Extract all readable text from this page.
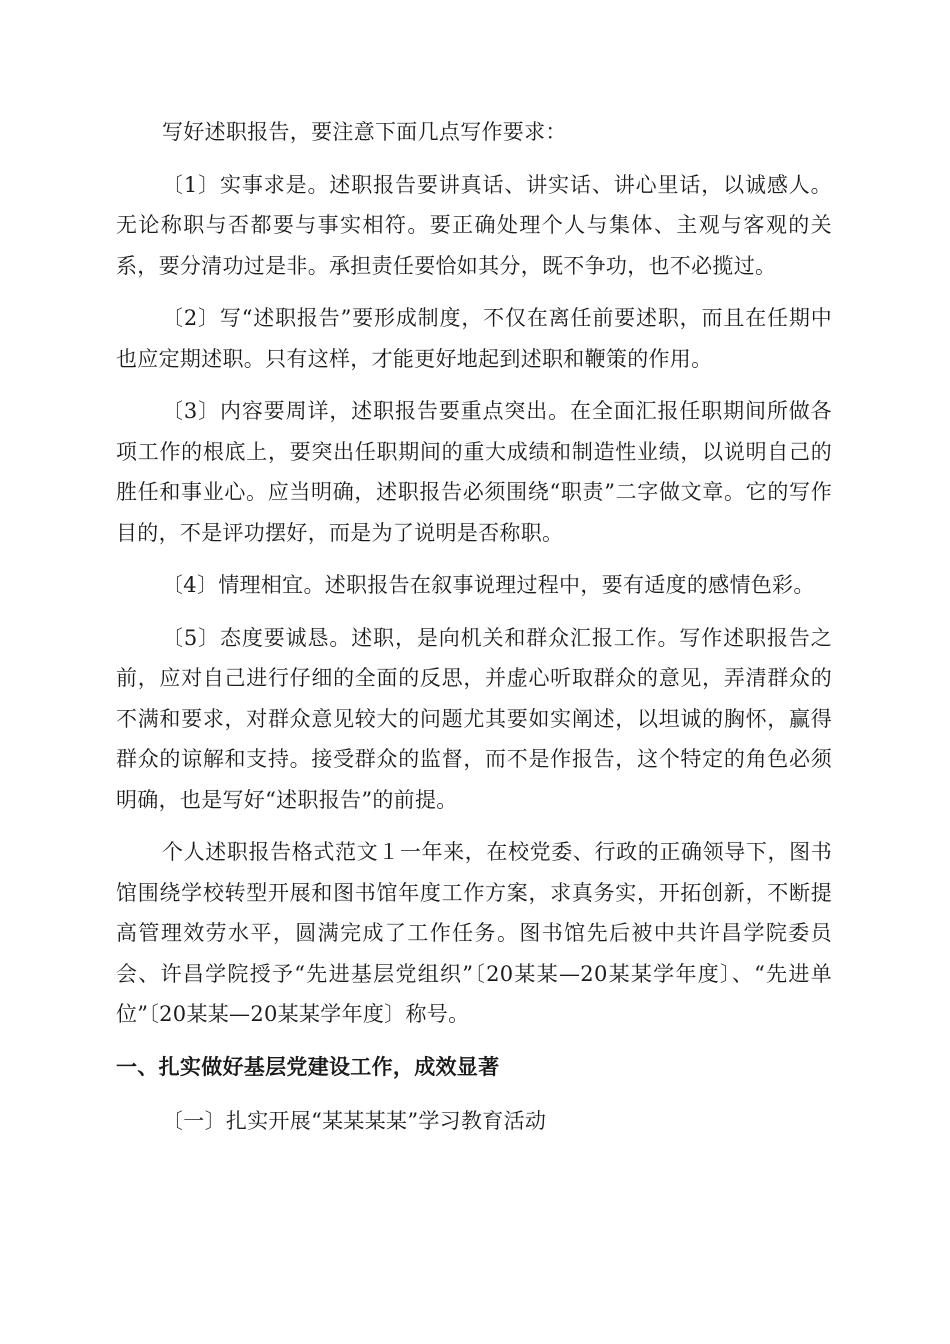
写好述职报告，要注意下面几点写作要求：

〔1〕实事求是。述职报告要讲真话、讲实话、讲心里话，以诚感人。无论称职与否都要与事实相符。要正确处理个人与集体、主观与客观的关系，要分清功过是非。承担责任要恰如其分，既不争功，也不必揽过。

〔2〕写“述职报告”要形成制度，不仅在离任前要述职，而且在任期中也应定期述职。只有这样，才能更好地起到述职和鞭策的作用。

〔3〕内容要周详，述职报告要重点突出。在全面汇报任职期间所做各项工作的根底上，要突出任职期间的重大成绩和制造性业绩，以说明自己的胜任和事业心。应当明确，述职报告必须围绕“职责”二字做文章。它的写作目的，不是评功摆好，而是为了说明是否称职。

〔4〕情理相宜。述职报告在叙事说理过程中，要有适度的感情色彩。

〔5〕态度要诚恳。述职，是向机关和群众汇报工作。写作述职报告之前，应对自己进行仔细的全面的反思，并虚心听取群众的意见，弄清群众的不满和要求，对群众意见较大的问题尤其要如实阐述，以坦诚的胸怀，赢得群众的谅解和支持。接受群众的监督，而不是作报告，这个特定的角色必须明确，也是写好“述职报告”的前提。

个人述职报告格式范文１一年来，在校党委、行政的正确领导下，图书馆围绕学校转型开展和图书馆年度工作方案，求真务实，开拓创新，不断提高管理效劳水平，圆满完成了工作任务。图书馆先后被中共许昌学院委员会、许昌学院授予“先进基层党组织”〔20某某—20某某学年度〕、“先进单位”〔20某某—20某某学年度〕称号。

一、扎实做好基层党建设工作，成效显著

〔一〕扎实开展“某某某某”学习教育活动
